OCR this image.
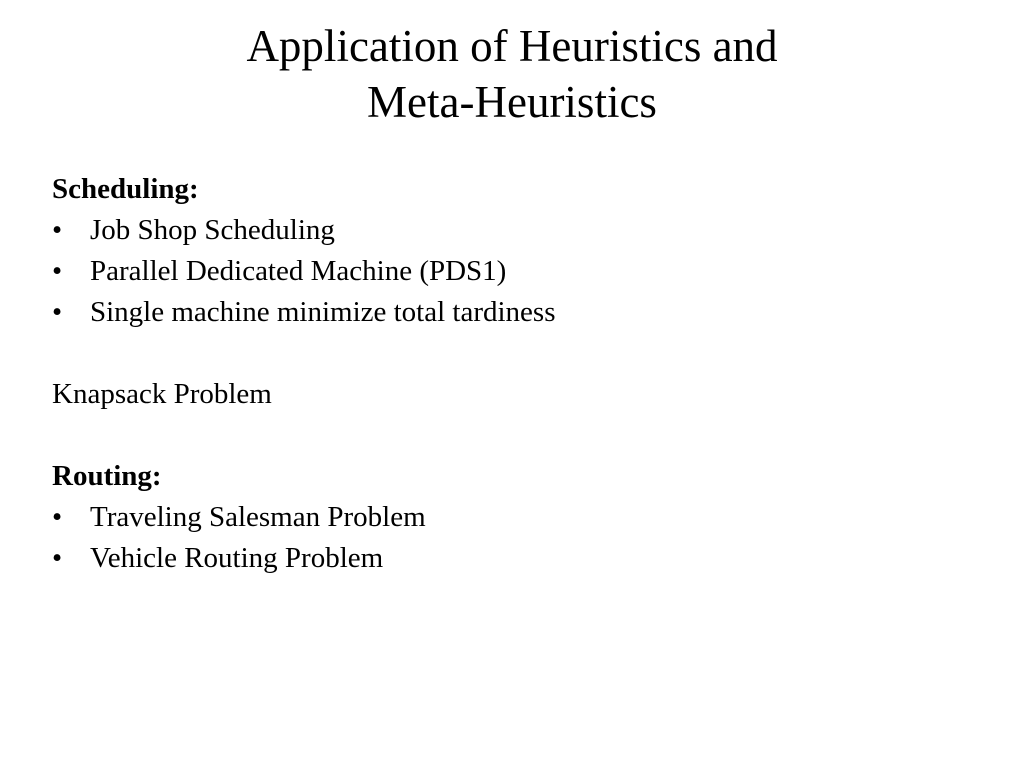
Application of Heuristics and
Meta-Heuristics
Scheduling:
• Job Shop Scheduling
• Parallel Dedicated Machine (PDS1)
• Single machine minimize total tardiness
Knapsack Problem
Routing:
• Traveling Salesman Problem
• Vehicle Routing Problem
